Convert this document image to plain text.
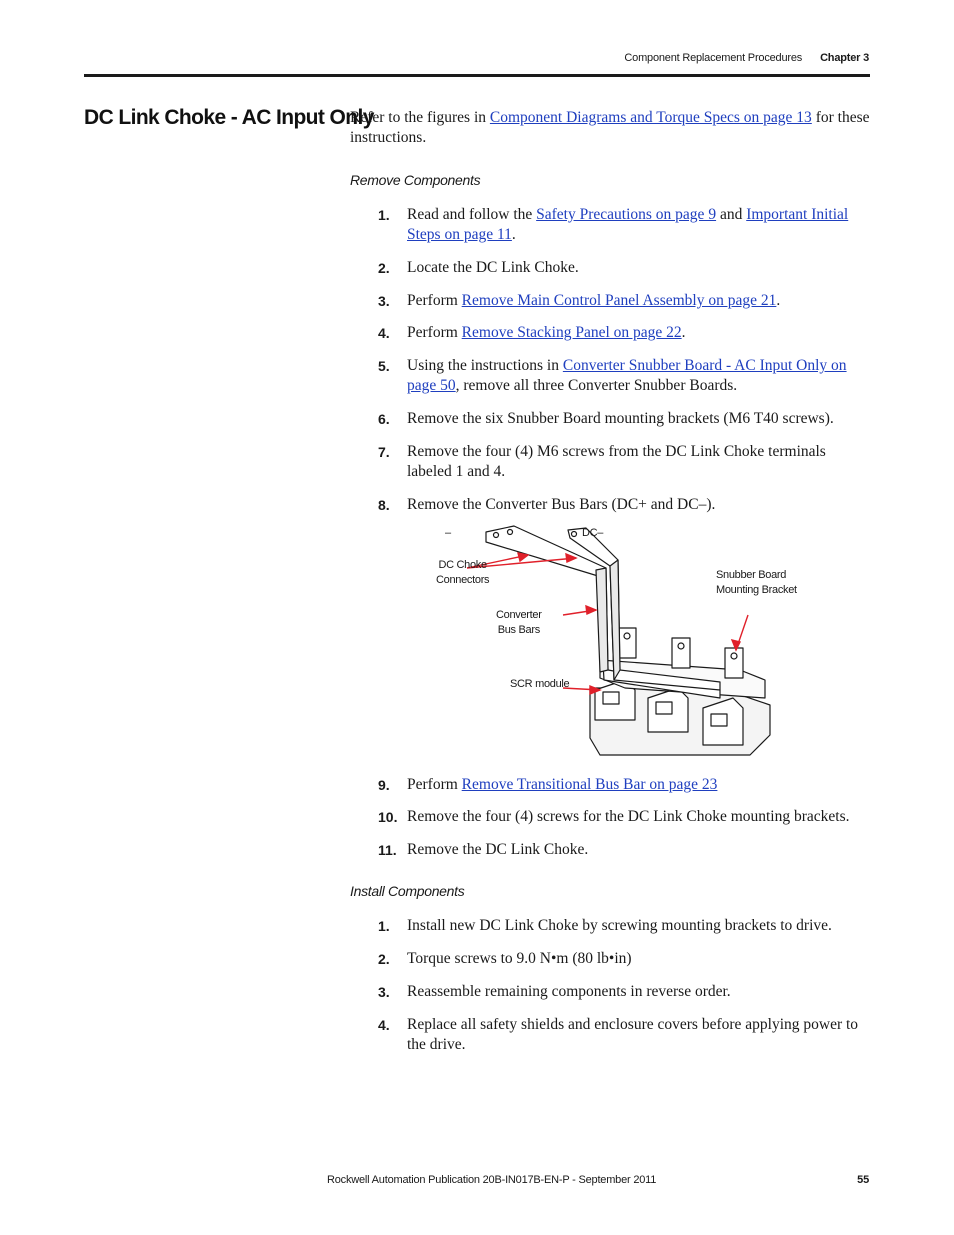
Component Replacement Procedures Chapter 3
DC Link Choke - AC Input Only
Refer to the figures in Component Diagrams and Torque Specs on page 13 for these instructions.
Remove Components
1.	Read and follow the Safety Precautions on page 9 and Important Initial Steps on page 11.
2.	Locate the DC Link Choke.
3.	Perform Remove Main Control Panel Assembly on page 21.
4.	Perform Remove Stacking Panel on page 22.
5.	Using the instructions in Converter Snubber Board - AC Input Only on page 50, remove all three Converter Snubber Boards.
6.	Remove the six Snubber Board mounting brackets (M6 T40 screws).
7.	Remove the four (4) M6 screws from the DC Link Choke terminals labeled 1 and 4.
8.	Remove the Converter Bus Bars (DC+ and DC–).
–	DC–
DC Choke
Connectors
Converter
Bus Bars
SCR module
Snubber Board
Mounting Bracket
9.	Perform Remove Transitional Bus Bar on page 23
10. Remove the four (4) screws for the DC Link Choke mounting brackets.
11. Remove the DC Link Choke.
Install Components
1.	Install new DC Link Choke by screwing mounting brackets to drive.
2.	Torque screws to 9.0 N•m (80 lb•in)
3.	Reassemble remaining components in reverse order.
4.	Replace all safety shields and enclosure covers before applying power to the drive.
Rockwell Automation Publication 20B-IN017B-EN-P - September 2011	55
